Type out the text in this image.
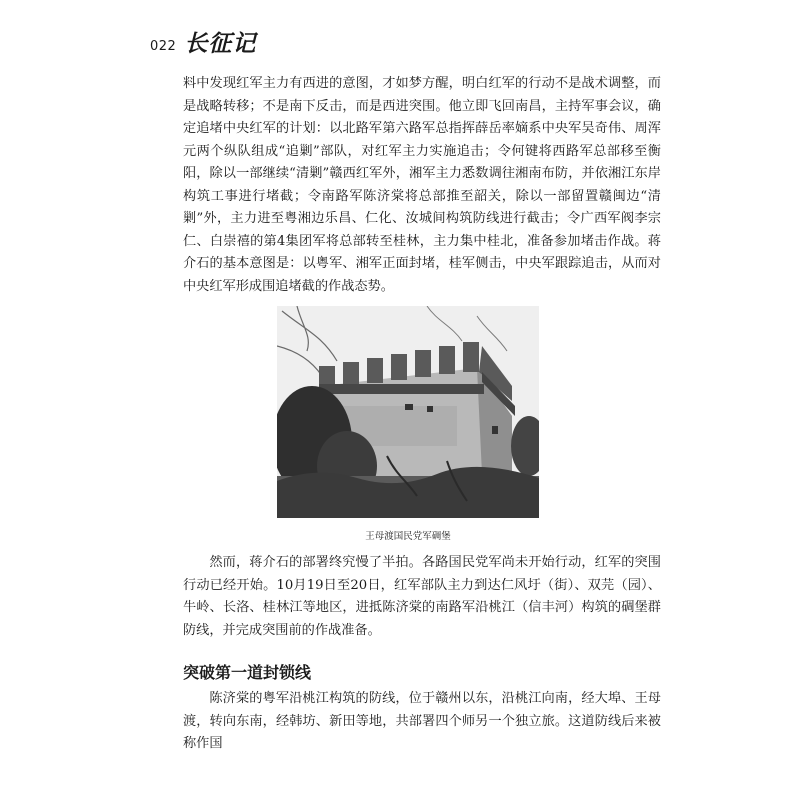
022 长征记

料中发现红军主力有西进的意图，才如梦方醒，明白红军的行动不是战术调整，而是战略转移；不是南下反击，而是西进突围。他立即飞回南昌，主持军事会议，确定追堵中央红军的计划：以北路军第六路军总指挥薛岳率嫡系中央军吴奇伟、周浑元两个纵队组成“追剿”部队，对红军主力实施追击；令何键将西路军总部移至衡阳，除以一部继续“清剿”赣西红军外，湘军主力悉数调往湘南布防，并依湘江东岸构筑工事进行堵截；令南路军陈济棠将总部推至韶关，除以一部留置赣闽边“清剿”外，主力进至粤湘边乐昌、仁化、汝城间构筑防线进行截击；令广西军阀李宗仁、白崇禧的第4集团军将总部转至桂林，主力集中桂北，准备参加堵击作战。蒋介石的基本意图是：以粤军、湘军正面封堵，桂军侧击，中央军跟踪追击，从而对中央红军形成围追堵截的作战态势。

王母渡国民党军碉堡

然而，蒋介石的部署终究慢了半拍。各路国民党军尚未开始行动，红军的突围行动已经开始。10月19日至20日，红军部队主力到达仁风圩（街）、双芫（园）、牛岭、长洛、桂林江等地区，进抵陈济棠的南路军沿桃江（信丰河）构筑的碉堡群防线，并完成突围前的作战准备。

突破第一道封锁线

陈济棠的粤军沿桃江构筑的防线，位于赣州以东，沿桃江向南，经大埠、王母渡，转向东南，经韩坊、新田等地，共部署四个师另一个独立旅。这道防线后来被称作国
